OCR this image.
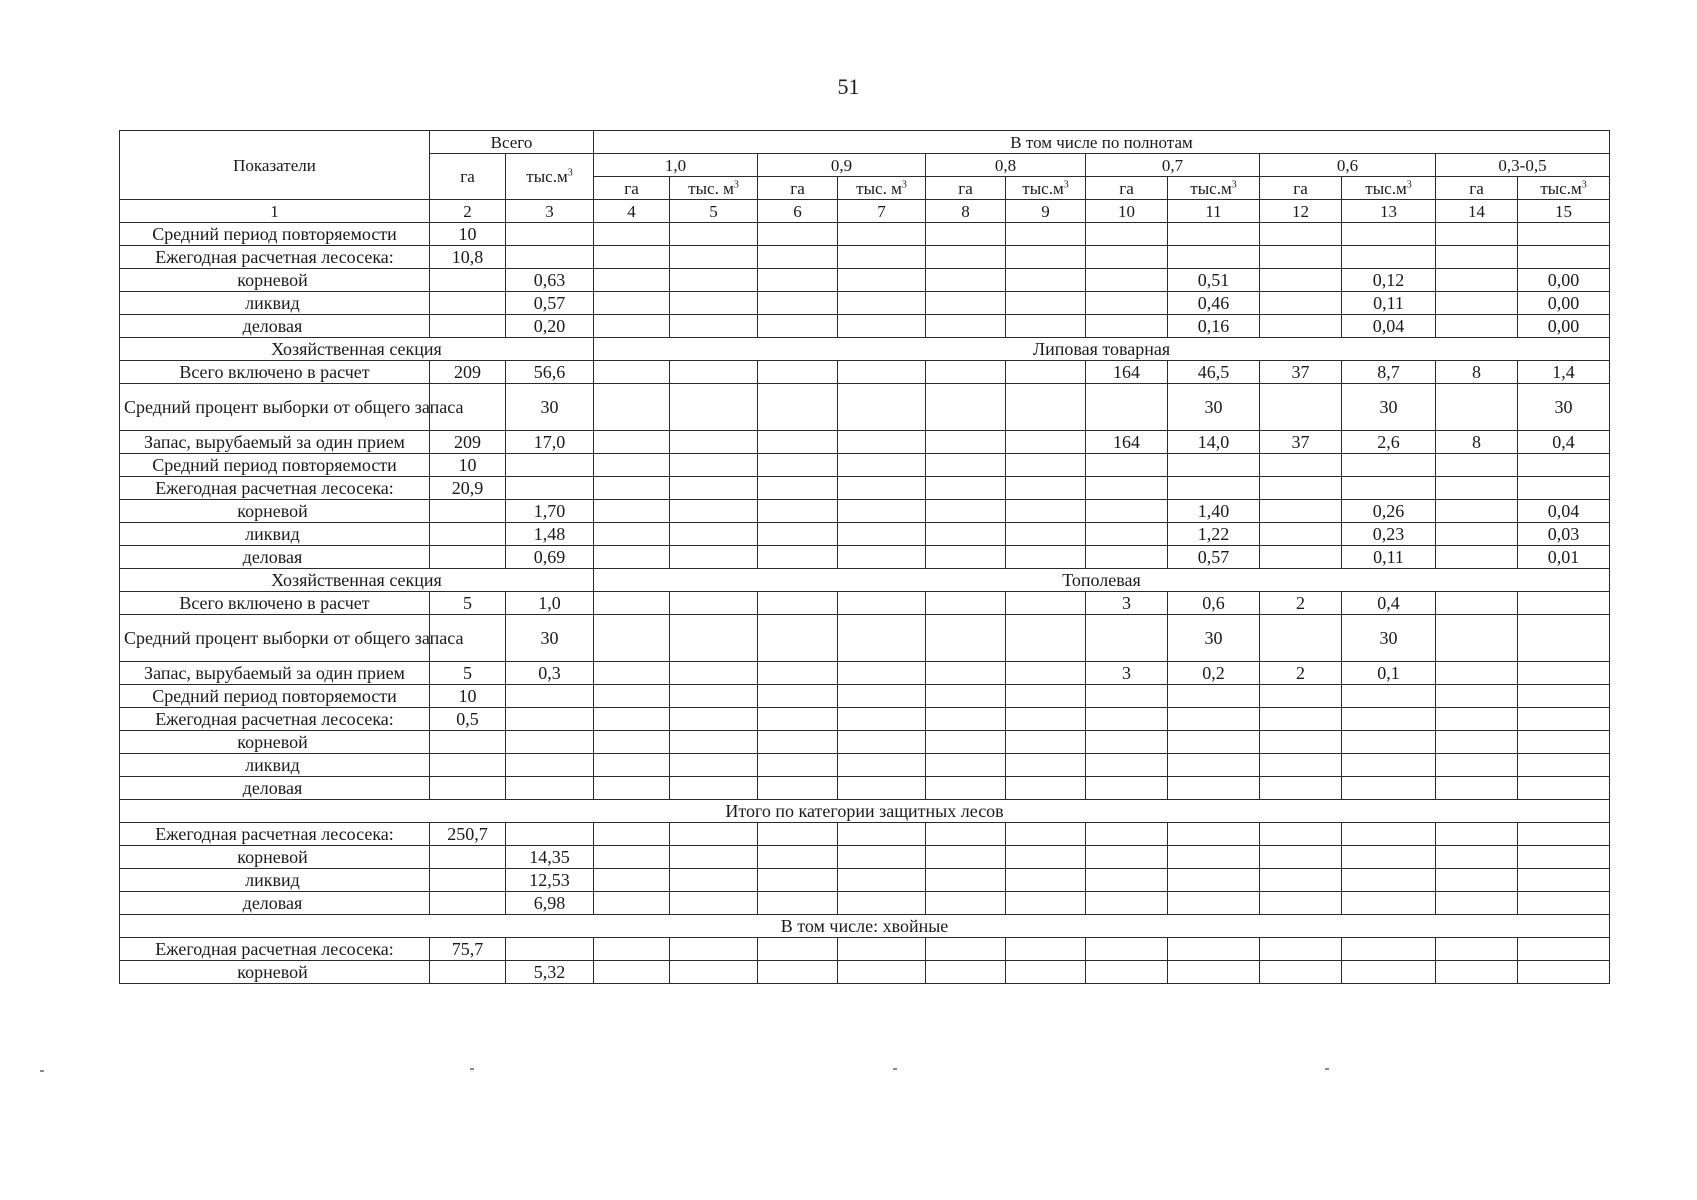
51
Показатели	Всего		В том числе по полнотам											
	га	$тыс.м^3$	1,0		0,9		0,8		0,7		0,6		0,3-0,5	
			га	тыс. $м^3$	га	тыс. $м^3$	га	$тыс.м^3$	га	$тыс.м^3$	га	$тыс.м^3$	га	$тыс.м^3$
1	2	3	4	5	6	7	8	9	10	11	12	13	14	15
Средний период повторяемости	10													
Ежегодная расчетная лесосека:	10,8													
корневой		0,63								0,51		0,12		0,00
ликвид		0,57								0,46		0,11		0,00
деловая		0,20								0,16		0,04		0,00
Хозяйственная секция			Липовая товарная											
Всего включено в расчет	209	56,6							164	46,5	37	8,7	8	1,4
Средний процент выборки от общего запаса		30								30		30		30
Запас, вырубаемый за один прием	209	17,0							164	14,0	37	2,6	8	0,4
Средний период повторяемости	10													
Ежегодная расчетная лесосека:	20,9													
корневой		1,70								1,40		0,26		0,04
ликвид		1,48								1,22		0,23		0,03
деловая		0,69								0,57		0,11		0,01
Хозяйственная секция			Тополевая											
Всего включено в расчет	5	1,0							3	0,6	2	0,4		
Средний процент выборки от общего запаса		30								30		30		
Запас, вырубаемый за один прием	5	0,3							3	0,2	2	0,1		
Средний период повторяемости	10													
Ежегодная расчетная лесосека:	0,5													
корневой														
ликвид														
деловая														
Итого по категории защитных лесов														
Ежегодная расчетная лесосека:	250,7													
корневой		14,35												
ликвид		12,53												
деловая		6,98												
В том числе: хвойные														
Ежегодная расчетная лесосека:	75,7													
корневой		5,32												
